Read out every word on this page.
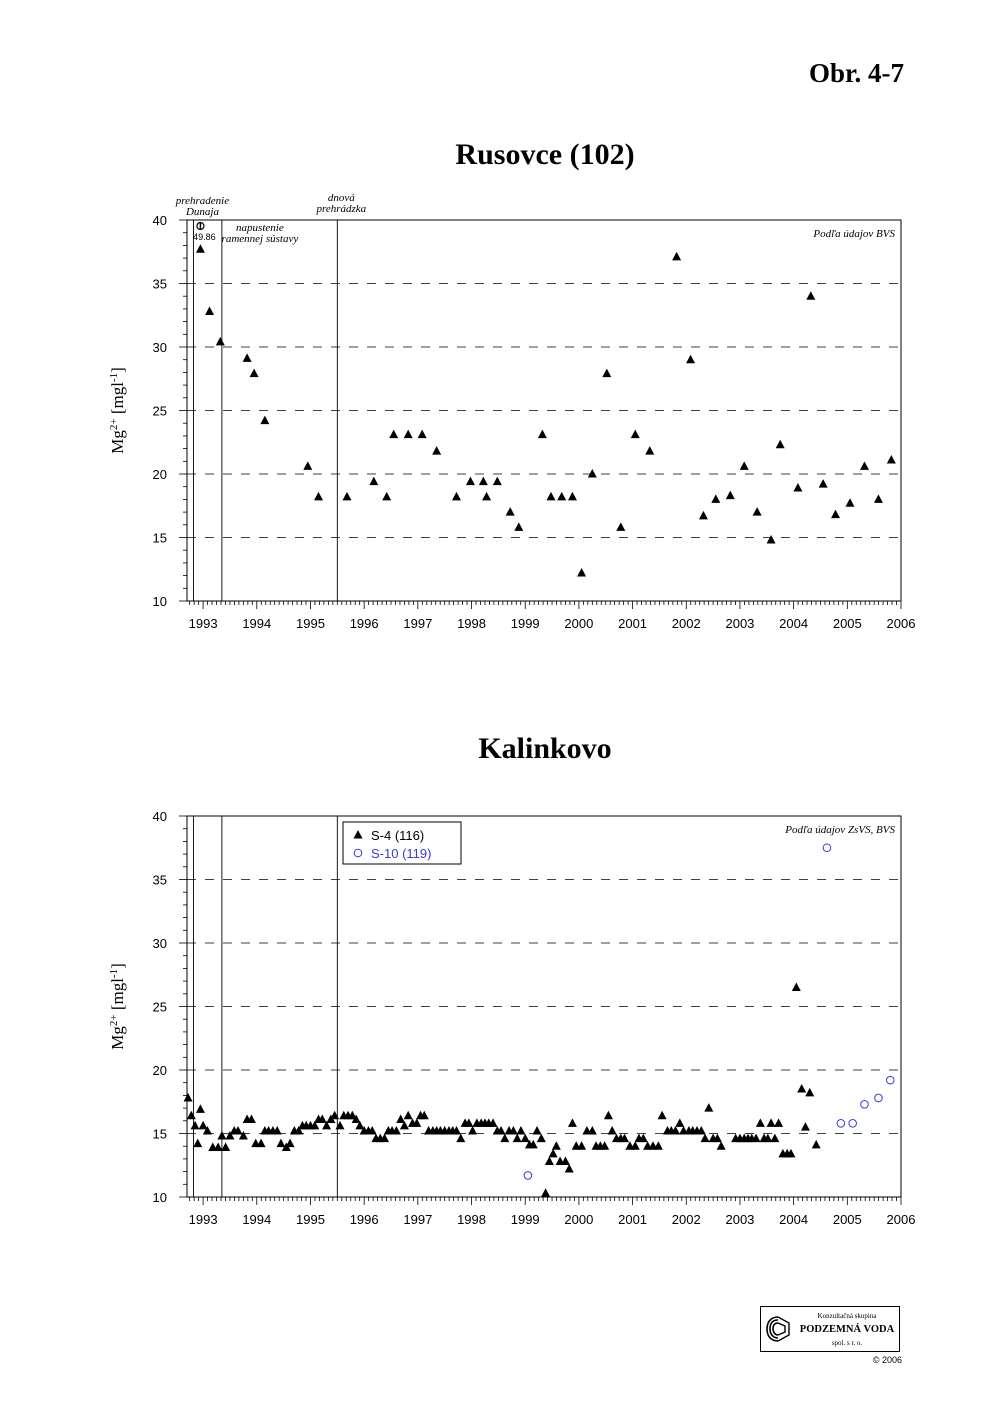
Obr. 4-7
Rusovce (102)
1993 1994 1995 1996 1997 1998 1999 2000 2001 2002 2003 2004 2005 2006
10
15
20
25
30
35
40
$Mg^{2+}$ [mgl$^{-1}$]
Podľa údajov BVS
prehradenie
Dunaja
napustenie
ramennej sústavy
dnová
prehrádzka
49.86
Kalinkovo
1993 1994 1995 1996 1997 1998 1999 2000 2001 2002 2003 2004 2005 2006
10
15
20
25
30
35
40
$Mg^{2+}$ [mgl$^{-1}$]
Podľa údajov ZsVS, BVS
S-4 (116)
S-10 (119)
Konzultačná skupina
PODZEMNÁ VODA
spol. s r. o.
© 2006
